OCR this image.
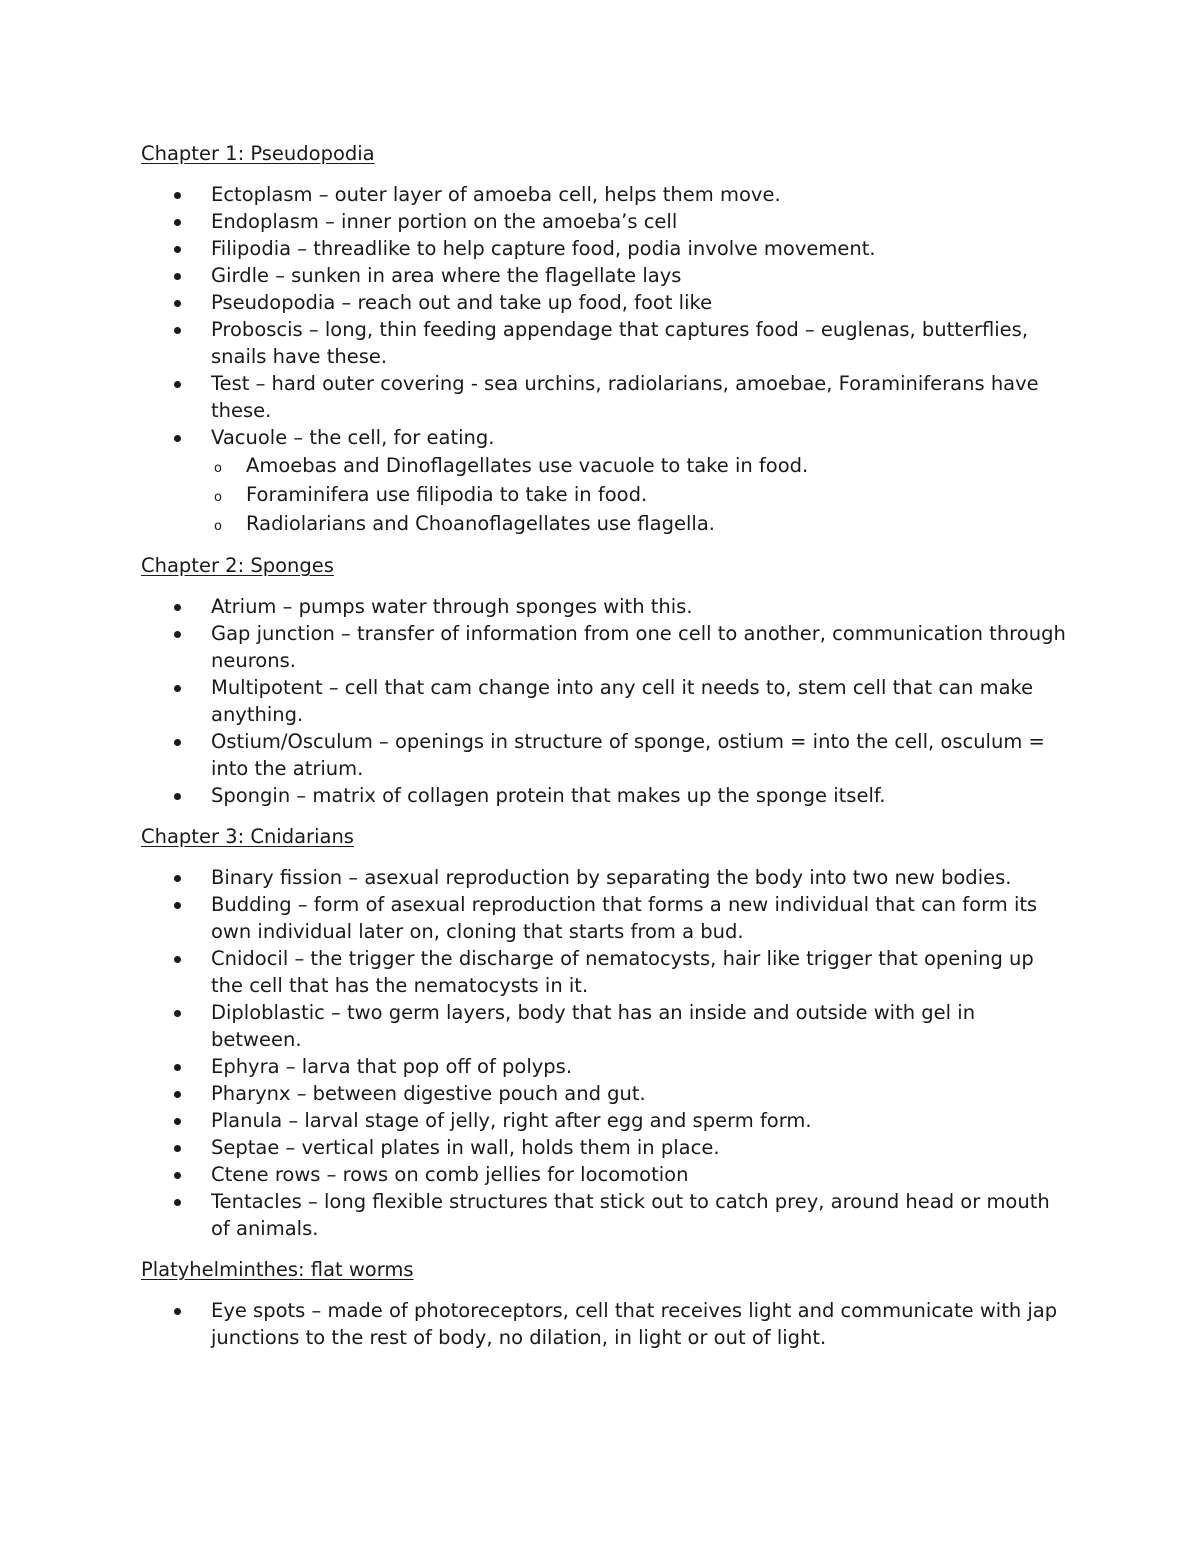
Chapter 1: Pseudopodia
Ectoplasm – outer layer of amoeba cell, helps them move.
Endoplasm – inner portion on the amoeba’s cell
Filipodia – threadlike to help capture food, podia involve movement.
Girdle – sunken in area where the flagellate lays
Pseudopodia – reach out and take up food, foot like
Proboscis – long, thin feeding appendage that captures food – euglenas, butterflies, snails have these.
Test – hard outer covering - sea urchins, radiolarians, amoebae, Foraminiferans have these.
Vacuole – the cell, for eating.
o Amoebas and Dinoflagellates use vacuole to take in food.
o Foraminifera use filipodia to take in food.
o Radiolarians and Choanoflagellates use flagella.
Chapter 2: Sponges
Atrium – pumps water through sponges with this.
Gap junction – transfer of information from one cell to another, communication through neurons.
Multipotent – cell that cam change into any cell it needs to, stem cell that can make anything.
Ostium/Osculum – openings in structure of sponge, ostium = into the cell, osculum = into the atrium.
Spongin – matrix of collagen protein that makes up the sponge itself.
Chapter 3: Cnidarians
Binary fission – asexual reproduction by separating the body into two new bodies.
Budding – form of asexual reproduction that forms a new individual that can form its own individual later on, cloning that starts from a bud.
Cnidocil – the trigger the discharge of nematocysts, hair like trigger that opening up the cell that has the nematocysts in it.
Diploblastic – two germ layers, body that has an inside and outside with gel in between.
Ephyra – larva that pop off of polyps.
Pharynx – between digestive pouch and gut.
Planula – larval stage of jelly, right after egg and sperm form.
Septae – vertical plates in wall, holds them in place.
Ctene rows – rows on comb jellies for locomotion
Tentacles – long flexible structures that stick out to catch prey, around head or mouth of animals.
Platyhelminthes: flat worms
Eye spots – made of photoreceptors, cell that receives light and communicate with jap junctions to the rest of body, no dilation, in light or out of light.
